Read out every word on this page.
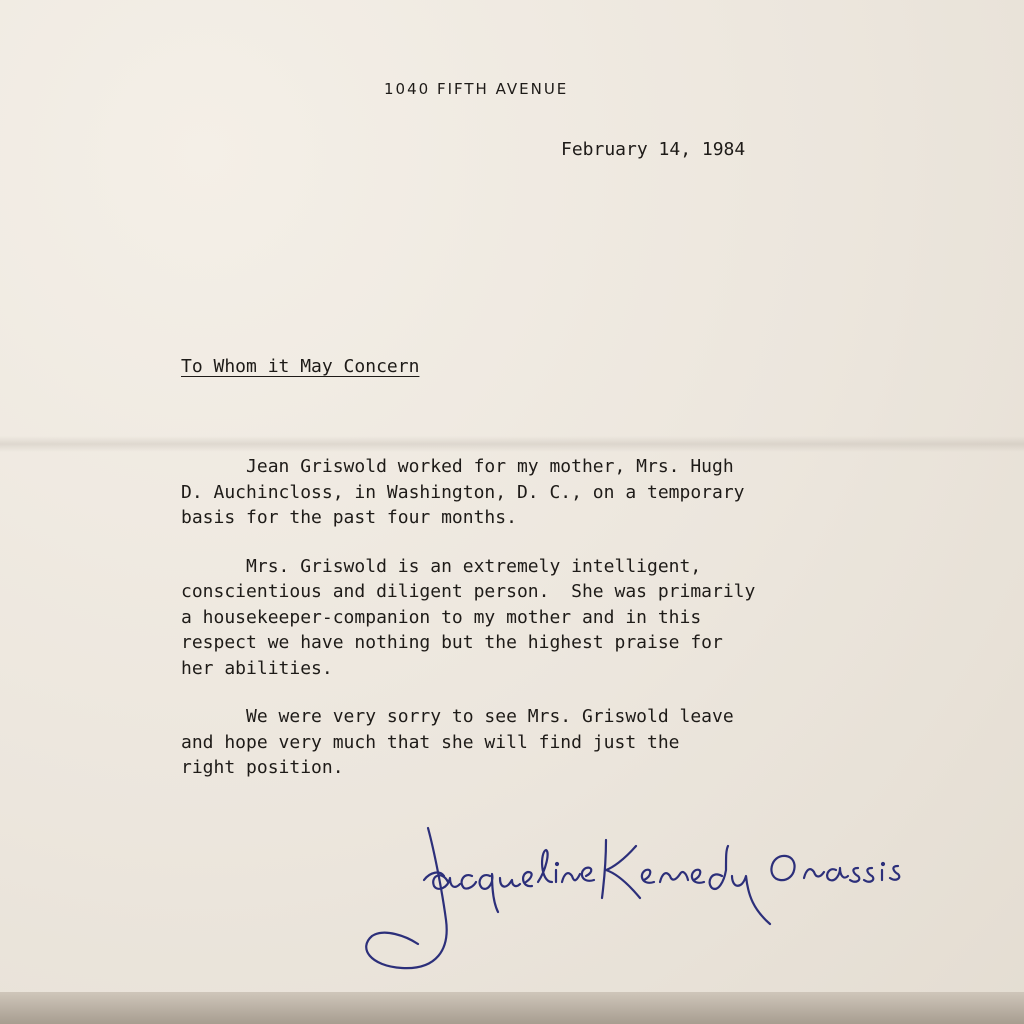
1040 FIFTH AVENUE
February 14, 1984
To Whom it May Concern
Jean Griswold worked for my mother, Mrs. Hugh
D. Auchincloss, in Washington, D. C., on a temporary
basis for the past four months.
Mrs. Griswold is an extremely intelligent,
conscientious and diligent person.  She was primarily
a housekeeper-companion to my mother and in this
respect we have nothing but the highest praise for
her abilities.
We were very sorry to see Mrs. Griswold leave
and hope very much that she will find just the
right position.
